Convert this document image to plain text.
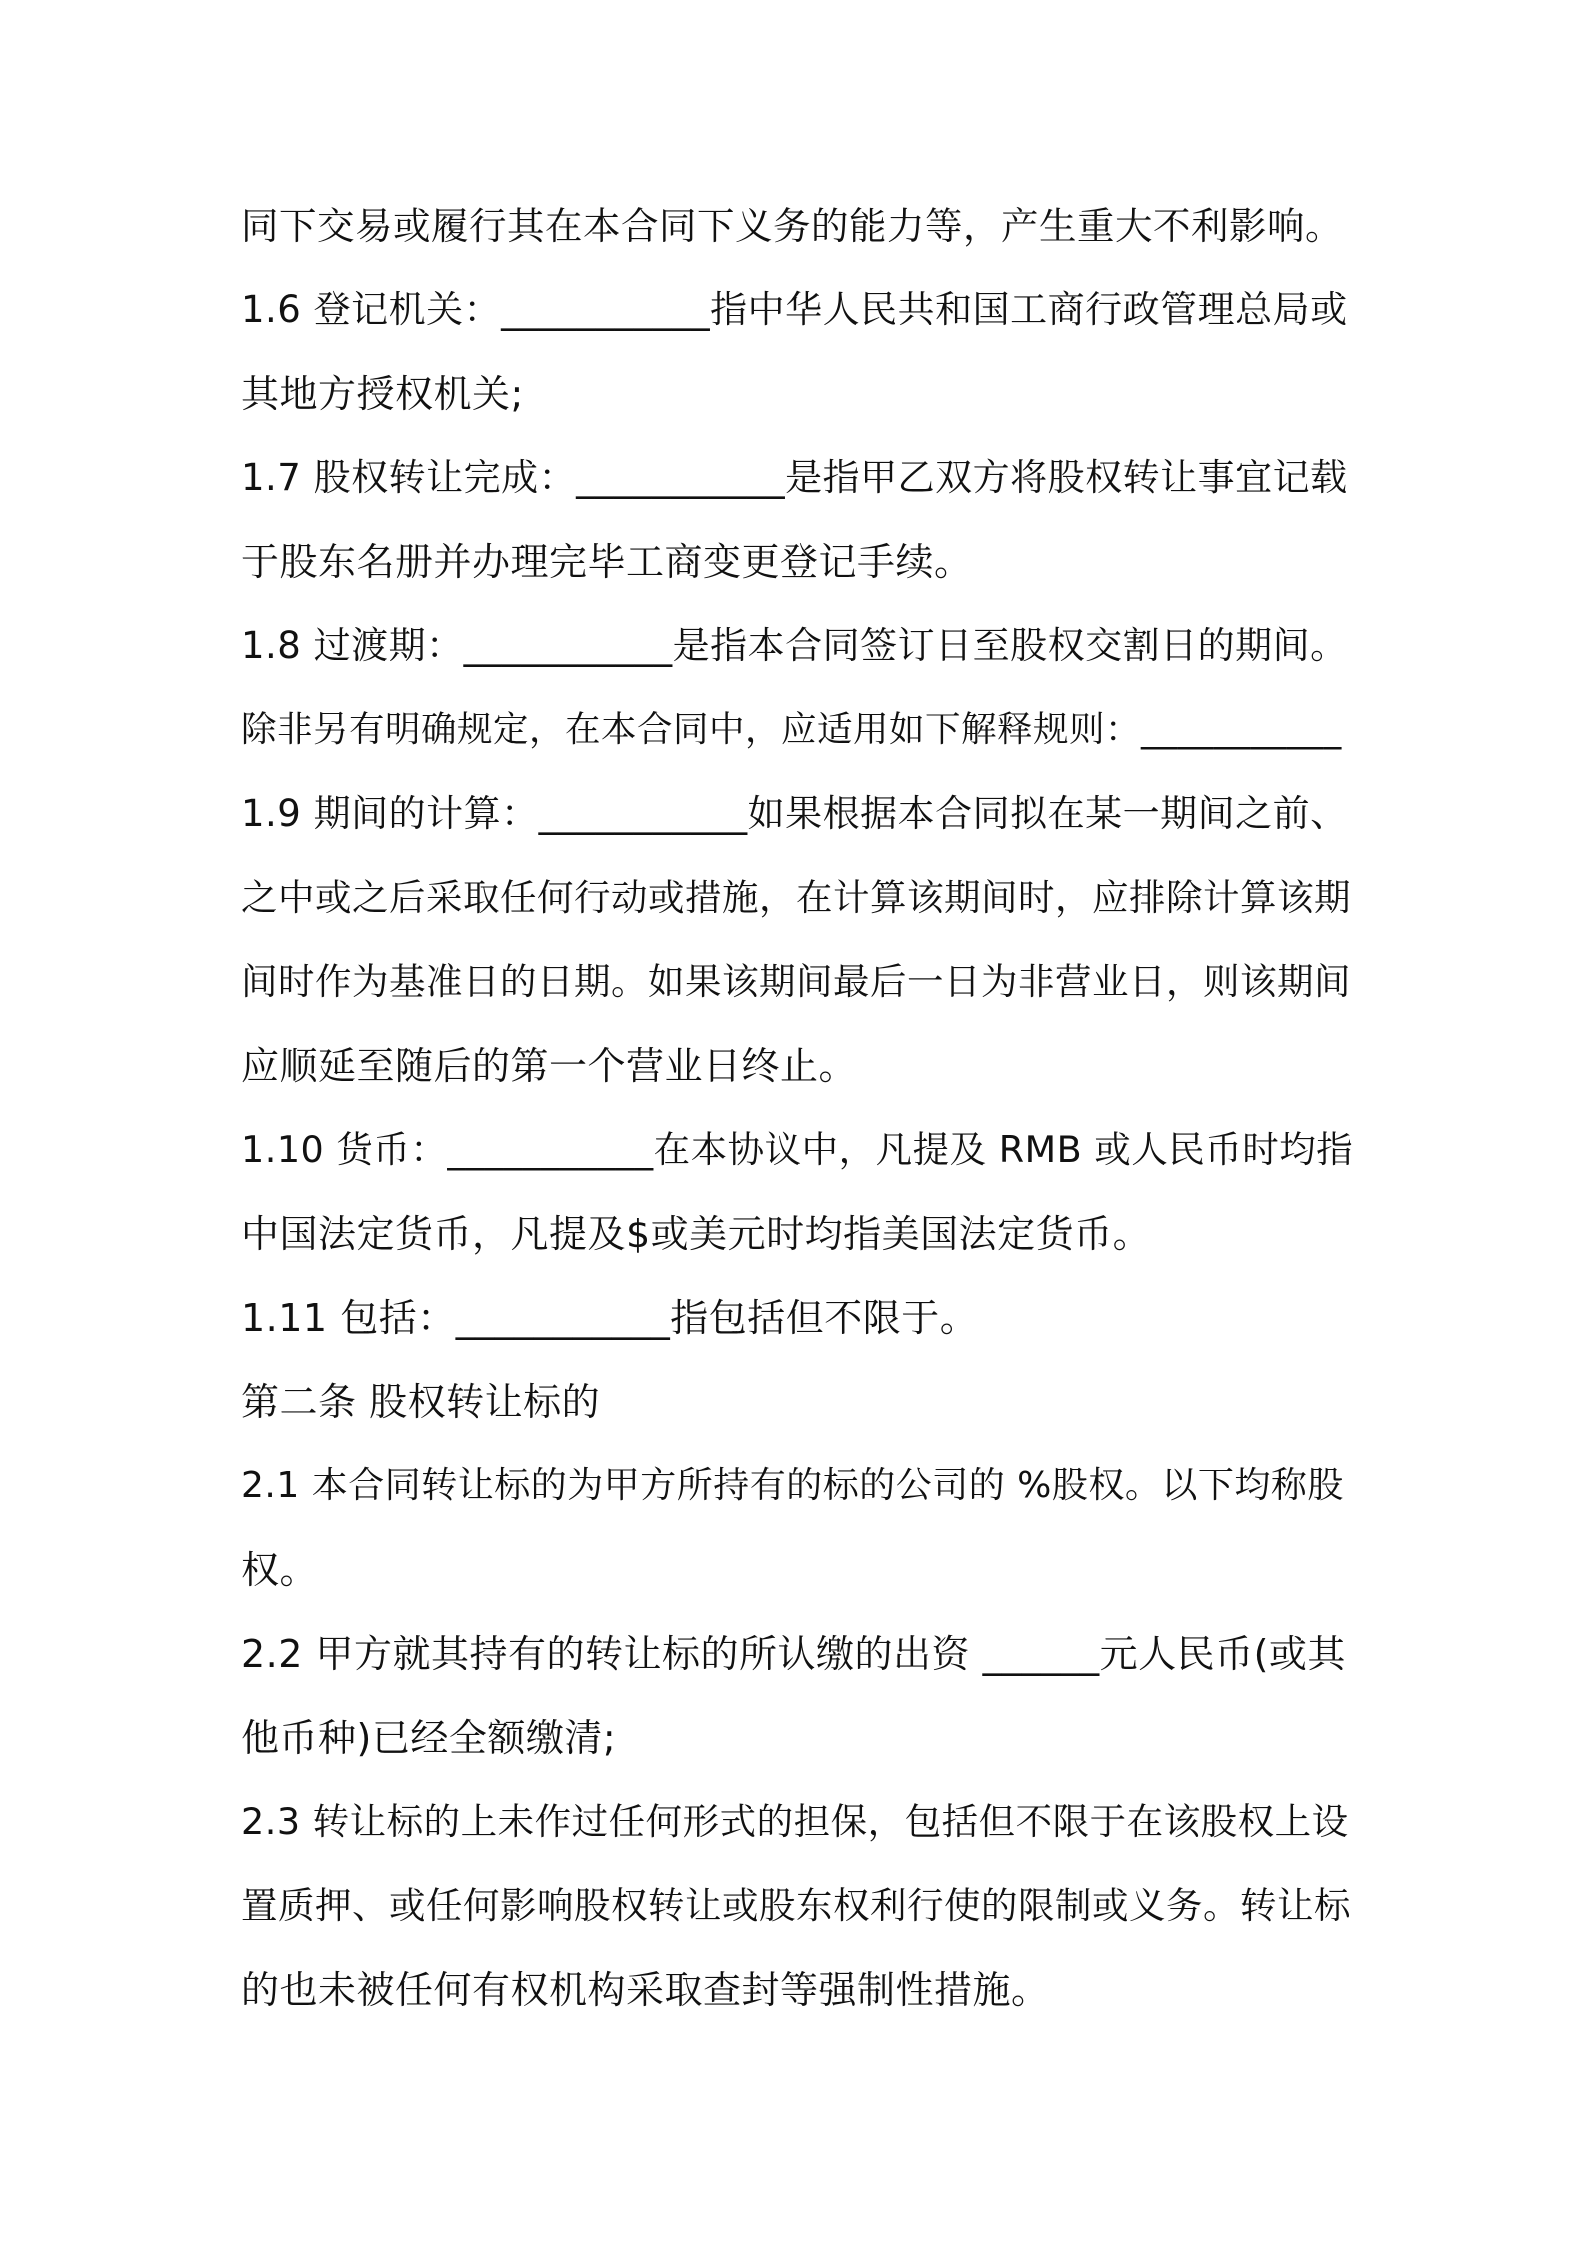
同下交易或履行其在本合同下义务的能力等，产生重大不利影响。
1.6 登记机关：___________指中华人民共和国工商行政管理总局或
其地方授权机关;
1.7 股权转让完成：___________是指甲乙双方将股权转让事宜记载
于股东名册并办理完毕工商变更登记手续。
1.8 过渡期：___________是指本合同签订日至股权交割日的期间。
除非另有明确规定，在本合同中，应适用如下解释规则：___________
1.9 期间的计算：___________如果根据本合同拟在某一期间之前、
之中或之后采取任何行动或措施，在计算该期间时，应排除计算该期
间时作为基准日的日期。如果该期间最后一日为非营业日，则该期间
应顺延至随后的第一个营业日终止。
1.10 货币：___________在本协议中，凡提及 RMB 或人民币时均指
中国法定货币，凡提及$或美元时均指美国法定货币。
1.11 包括：___________指包括但不限于。
第二条 股权转让标的
2.1 本合同转让标的为甲方所持有的标的公司的 %股权。以下均称股
权。
2.2 甲方就其持有的转让标的所认缴的出资 ______元人民币(或其
他币种)已经全额缴清;
2.3 转让标的上未作过任何形式的担保，包括但不限于在该股权上设
置质押、或任何影响股权转让或股东权利行使的限制或义务。转让标
的也未被任何有权机构采取查封等强制性措施。
